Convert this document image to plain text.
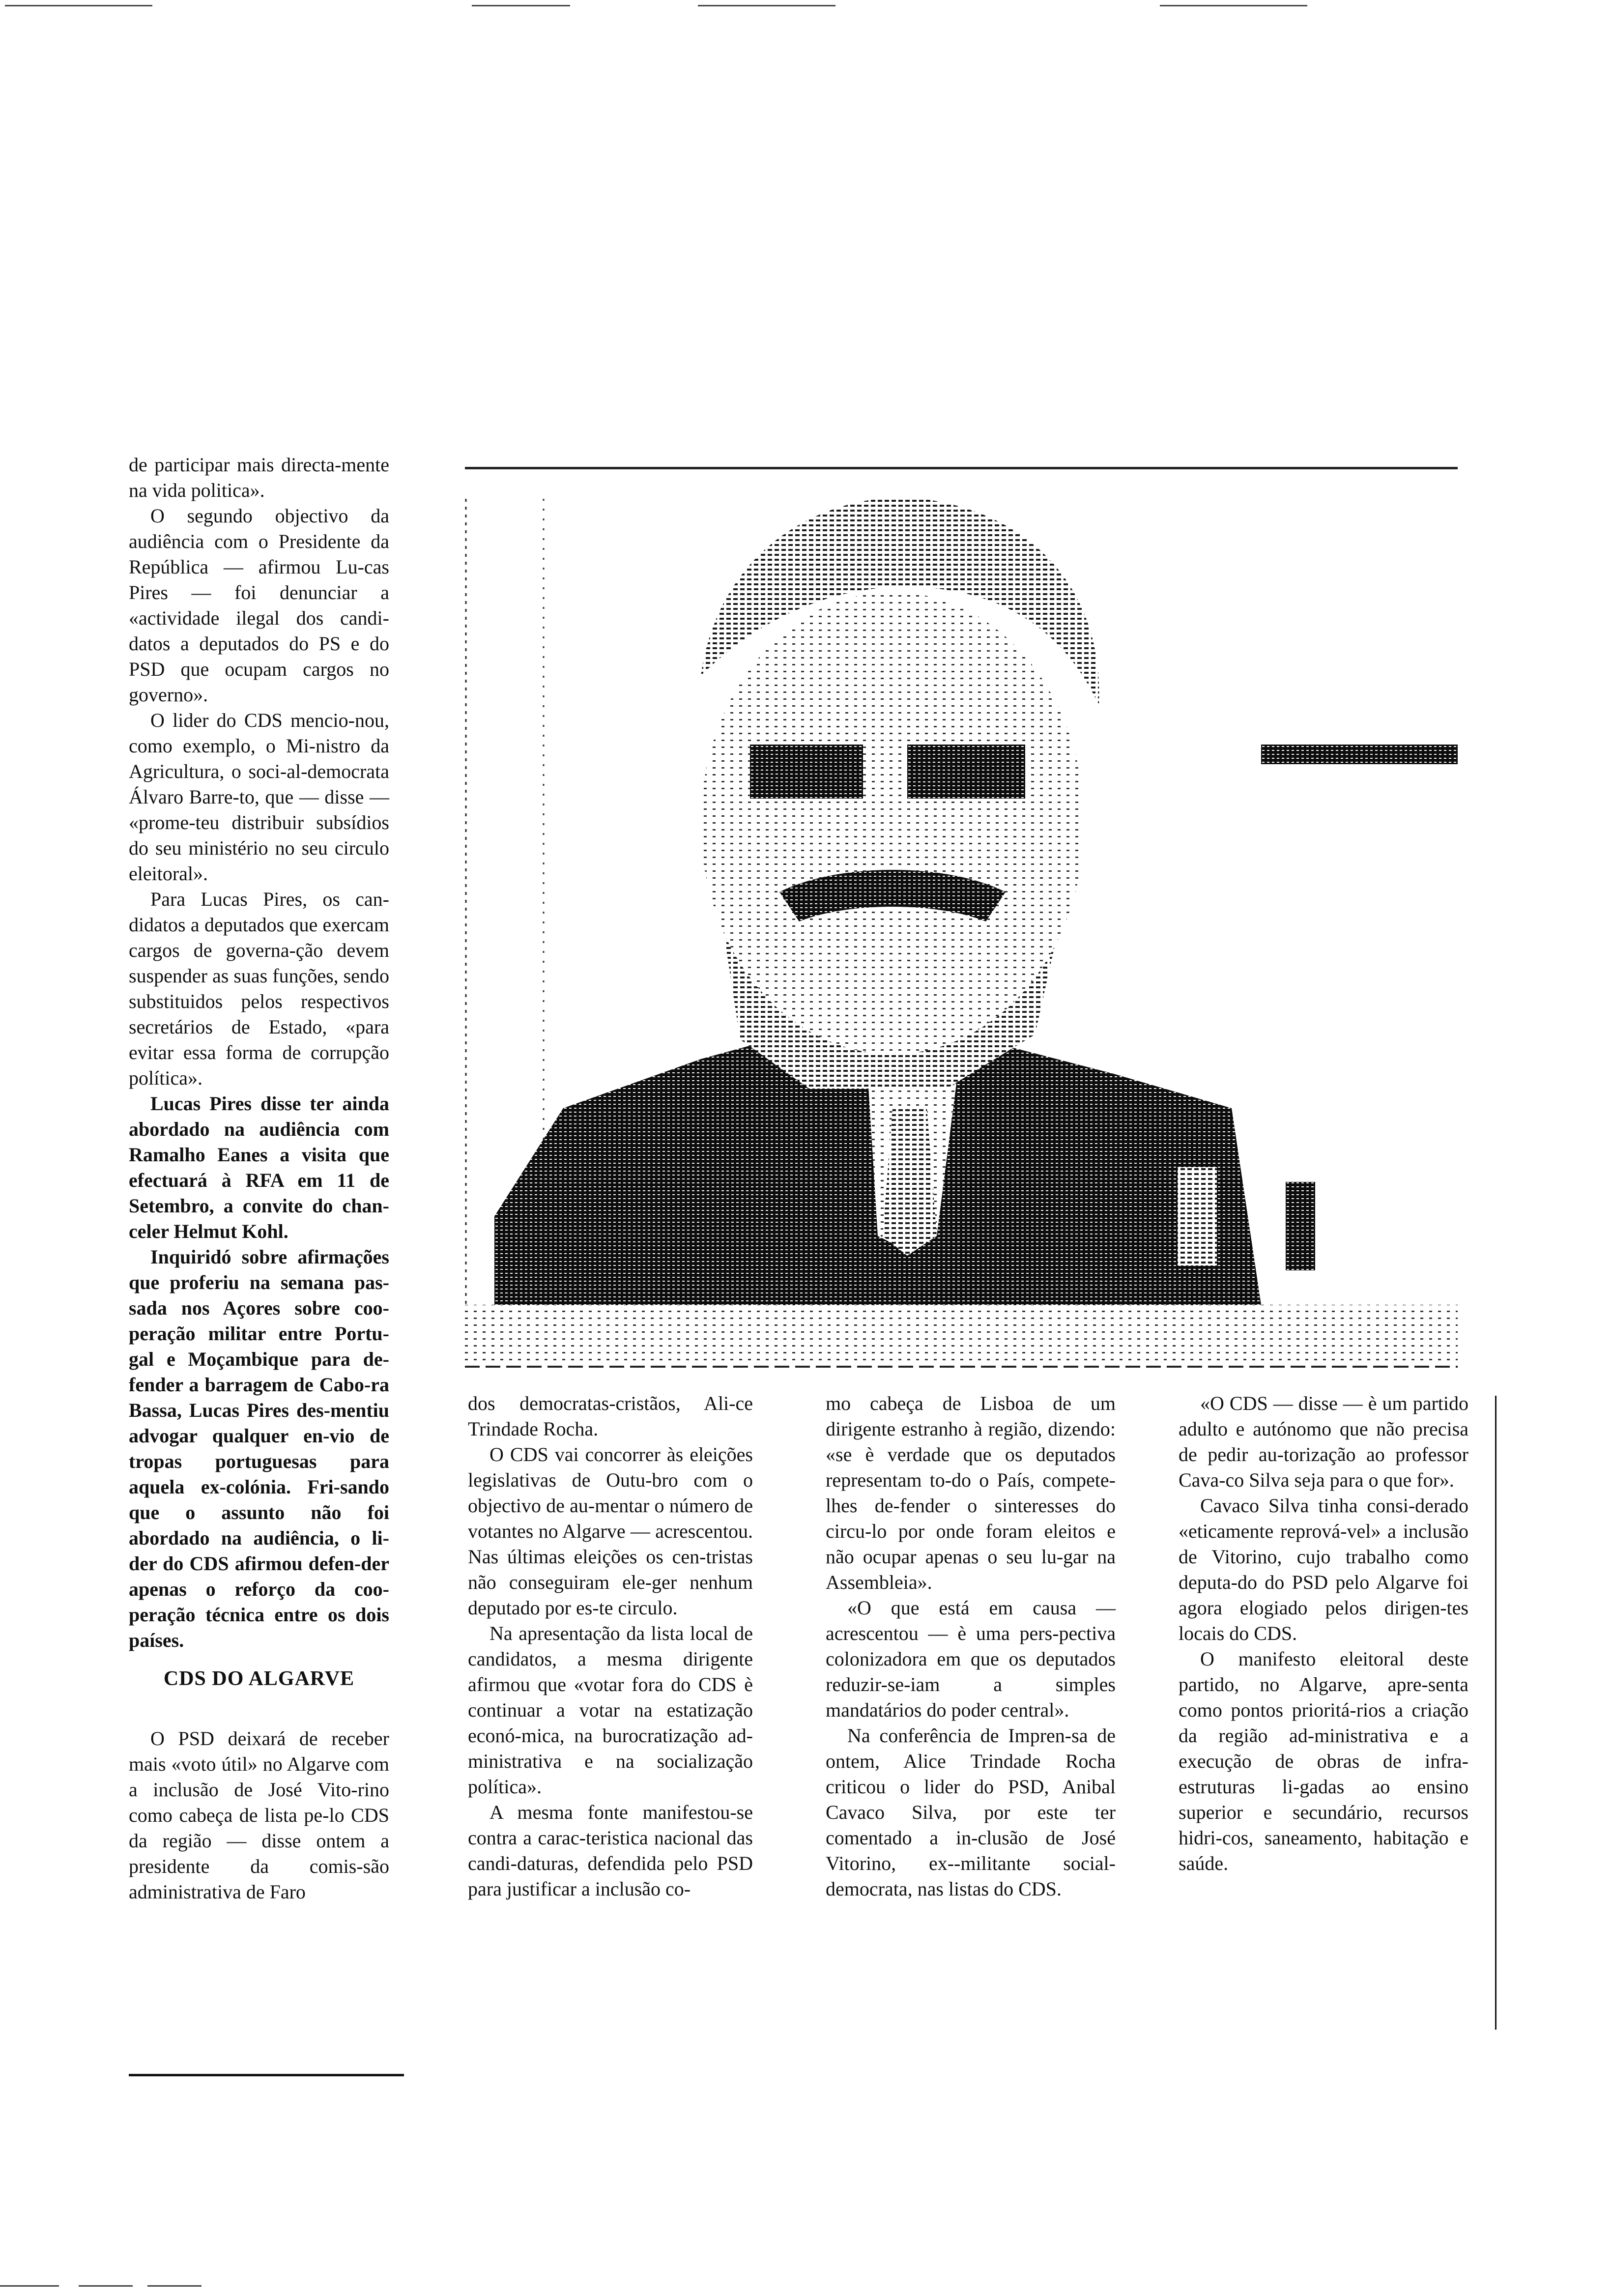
de participar mais directa-mente na vida politica».

O segundo objectivo da audiência com o Presidente da República — afirmou Lu-cas Pires — foi denunciar a «actividade ilegal dos candi-datos a deputados do PS e do PSD que ocupam cargos no governo».

O lider do CDS mencio-nou, como exemplo, o Mi-nistro da Agricultura, o soci-al-democrata Álvaro Barre-to, que — disse — «prome-teu distribuir subsídios do seu ministério no seu circulo eleitoral».

Para Lucas Pires, os can-didatos a deputados que exercam cargos de governa-ção devem suspender as suas funções, sendo substituidos pelos respectivos secretários de Estado, «para evitar essa forma de corrupção política».

Lucas Pires disse ter ainda abordado na audiência com Ramalho Eanes a visita que efectuará à RFA em 11 de Setembro, a convite do chan-celer Helmut Kohl.

Inquiridó sobre afirmações que proferiu na semana pas-sada nos Açores sobre coo-peração militar entre Portu-gal e Moçambique para de-fender a barragem de Cabo-ra Bassa, Lucas Pires des-mentiu advogar qualquer en-vio de tropas portuguesas para aquela ex-colónia. Fri-sando que o assunto não foi abordado na audiência, o li-der do CDS afirmou defen-der apenas o reforço da coo-peração técnica entre os dois países.

CDS DO ALGARVE

O PSD deixará de receber mais «voto útil» no Algarve com a inclusão de José Vito-rino como cabeça de lista pe-lo CDS da região — disse ontem a presidente da comis-são administrativa de Faro

dos democratas-cristãos, Ali-ce Trindade Rocha.

O CDS vai concorrer às eleições legislativas de Outu-bro com o objectivo de au-mentar o número de votantes no Algarve — acrescentou. Nas últimas eleições os cen-tristas não conseguiram ele-ger nenhum deputado por es-te circulo.

Na apresentação da lista local de candidatos, a mesma dirigente afirmou que «votar fora do CDS è continuar a votar na estatização econó-mica, na burocratização ad-ministrativa e na socialização política».

A mesma fonte manifestou-se contra a carac-teristica nacional das candi-daturas, defendida pelo PSD para justificar a inclusão co-

mo cabeça de Lisboa de um dirigente estranho à região, dizendo: «se è verdade que os deputados representam to-do o País, compete-lhes de-fender o sinteresses do circu-lo por onde foram eleitos e não ocupar apenas o seu lu-gar na Assembleia».

«O que está em causa — acrescentou — è uma pers-pectiva colonizadora em que os deputados reduzir-se-iam a simples mandatários do poder central».

Na conferência de Impren-sa de ontem, Alice Trindade Rocha criticou o lider do PSD, Anibal Cavaco Silva, por este ter comentado a in-clusão de José Vitorino, ex--militante social-democrata, nas listas do CDS.

«O CDS — disse — è um partido adulto e autónomo que não precisa de pedir au-torização ao professor Cava-co Silva seja para o que for».

Cavaco Silva tinha consi-derado «eticamente reprová-vel» a inclusão de Vitorino, cujo trabalho como deputa-do do PSD pelo Algarve foi agora elogiado pelos dirigen-tes locais do CDS.

O manifesto eleitoral deste partido, no Algarve, apre-senta como pontos prioritá-rios a criação da região ad-ministrativa e a execução de obras de infra-estruturas li-gadas ao ensino superior e secundário, recursos hidri-cos, saneamento, habitação e saúde.
